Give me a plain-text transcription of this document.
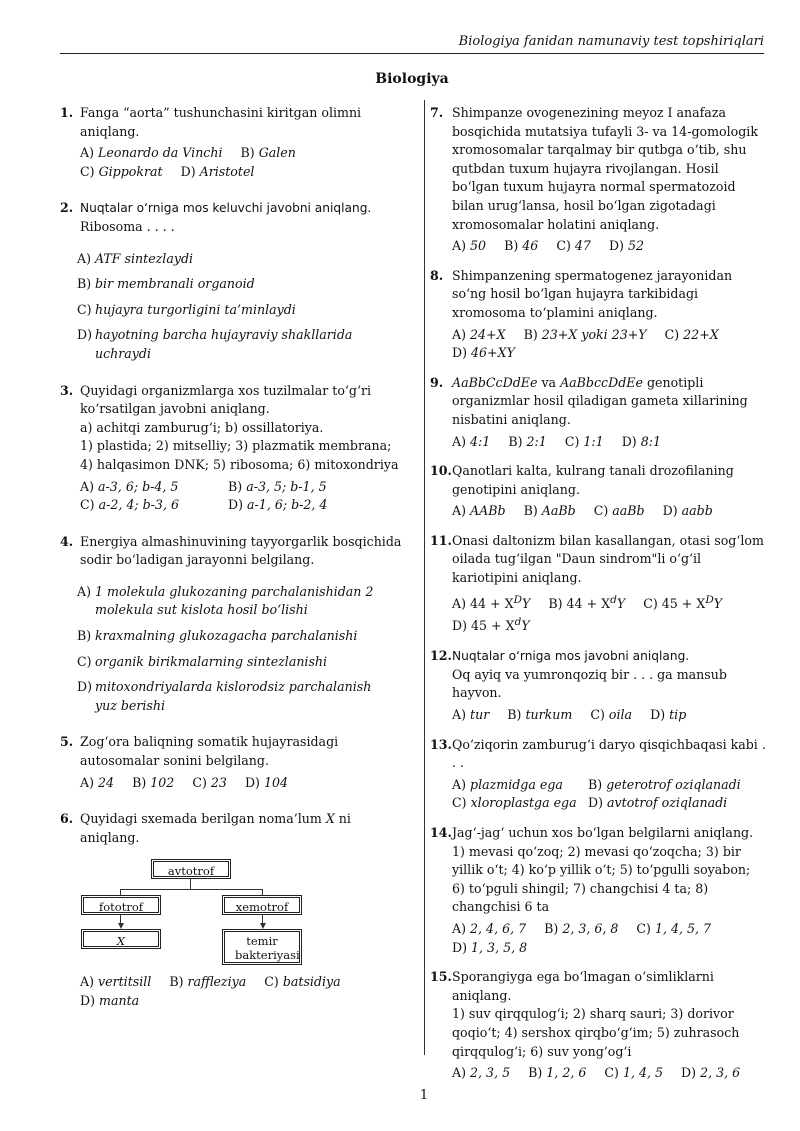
Biologiya fanidan namunaviy test topshiriqlari
Biologiya
1. Fanga “aorta” tushunchasini kiritgan olimni aniqlang.
A) Leonardo da Vinchi B) Galen
C) Gippokrat D) Aristotel
2. Nuqtalar o‘rniga mos keluvchi javobni aniqlang.
Ribosoma . . . .
A) ATF sintezlaydi
B) bir membranali organoid
C) hujayra turgorligini ta’minlaydi
D) hayotning barcha hujayraviy shakllarida uchraydi
3. Quyidagi organizmlarga xos tuzilmalar to‘g‘ri ko‘rsatilgan javobni aniqlang.
a) achitqi zamburug‘i; b) ossillatoriya.
1) plastida; 2) mitselliy; 3) plazmatik membrana; 4) halqasimon DNK; 5) ribosoma; 6) mitoxondriya
A) a-3, 6; b-4, 5	B) a-3, 5; b-1, 5
C) a-2, 4; b-3, 6	D) a-1, 6; b-2, 4
4. Energiya almashinuvining tayyorgarlik bosqichida sodir bo‘ladigan jarayonni belgilang.
A) 1 molekula glukozaning parchalanishidan 2 molekula sut kislota hosil bo‘lishi
B) kraxmalning glukozagacha parchalanishi
C) organik birikmalarning sintezlanishi
D) mitoxondriyalarda kislorodsiz parchalanish yuz berishi
5. Zog‘ora baliqning somatik hujayrasidagi autosomalar sonini belgilang.
A) 24 B) 102 C) 23 D) 104
6. Quyidagi sxemada berilgan noma’lum X ni aniqlang.
avtotrof
fototrof	xemotrof
X	temir bakteriyasi
A) vertitsill B) raffleziya C) batsidiya
D) manta
7. Shimpanze ovogenezining meyoz I anafaza bosqichida mutatsiya tufayli 3- va 14-gomologik xromosomalar tarqalmay bir qutbga o‘tib, shu qutbdan tuxum hujayra rivojlangan. Hosil bo‘lgan tuxum hujayra normal spermatozoid bilan urug‘lansa, hosil bo‘lgan zigotadagi xromosomalar holatini aniqlang.
A) 50 B) 46 C) 47 D) 52
8. Shimpanzening spermatogenez jarayonidan so‘ng hosil bo‘lgan hujayra tarkibidagi xromosoma to‘plamini aniqlang.
A) 24+X B) 23+X yoki 23+Y C) 22+X
D) 46+XY
9. AaBbCcDdEe va AaBbccDdEe genotipli organizmlar hosil qiladigan gameta xillarining nisbatini aniqlang.
A) 4:1 B) 2:1 C) 1:1 D) 8:1
10. Qanotlari kalta, kulrang tanali drozofilaning genotipini aniqlang.
A) AABb B) AaBb C) aaBb D) aabb
11. Onasi daltonizm bilan kasallangan, otasi sog‘lom oilada tug‘ilgan "Daun sindrom"li o‘g‘il kariotipini aniqlang.
A) $44 + X^DY$ B) $44 + X^dY$ C) $45 + X^DY$
D) $45 + X^dY$
12. Nuqtalar o‘rniga mos javobni aniqlang.
Oq ayiq va yumronqoziq bir . . . ga mansub hayvon.
A) tur B) turkum C) oila D) tip
13. Qo‘ziqorin zamburug‘i daryo qisqichbaqasi kabi . . .
A) plazmidga ega B) geterotrof oziqlanadi
C) xloroplastga ega D) avtotrof oziqlanadi
14. Jag‘-jag‘ uchun xos bo‘lgan belgilarni aniqlang.
1) mevasi qo‘zoq; 2) mevasi qo‘zoqcha; 3) bir yillik o‘t; 4) ko‘p yillik o‘t; 5) to‘pgulli soyabon; 6) to‘pguli shingil; 7) changchisi 4 ta; 8) changchisi 6 ta
A) 2, 4, 6, 7 B) 2, 3, 6, 8 C) 1, 4, 5, 7
D) 1, 3, 5, 8
15. Sporangiyga ega bo‘lmagan o‘simliklarni aniqlang.
1) suv qirqqulog‘i; 2) sharq sauri; 3) dorivor qoqio‘t; 4) sershox qirqbo‘g‘im; 5) zuhrasoch qirqqulog‘i; 6) suv yong‘og‘i
A) 2, 3, 5 B) 1, 2, 6 C) 1, 4, 5 D) 2, 3, 6
1
